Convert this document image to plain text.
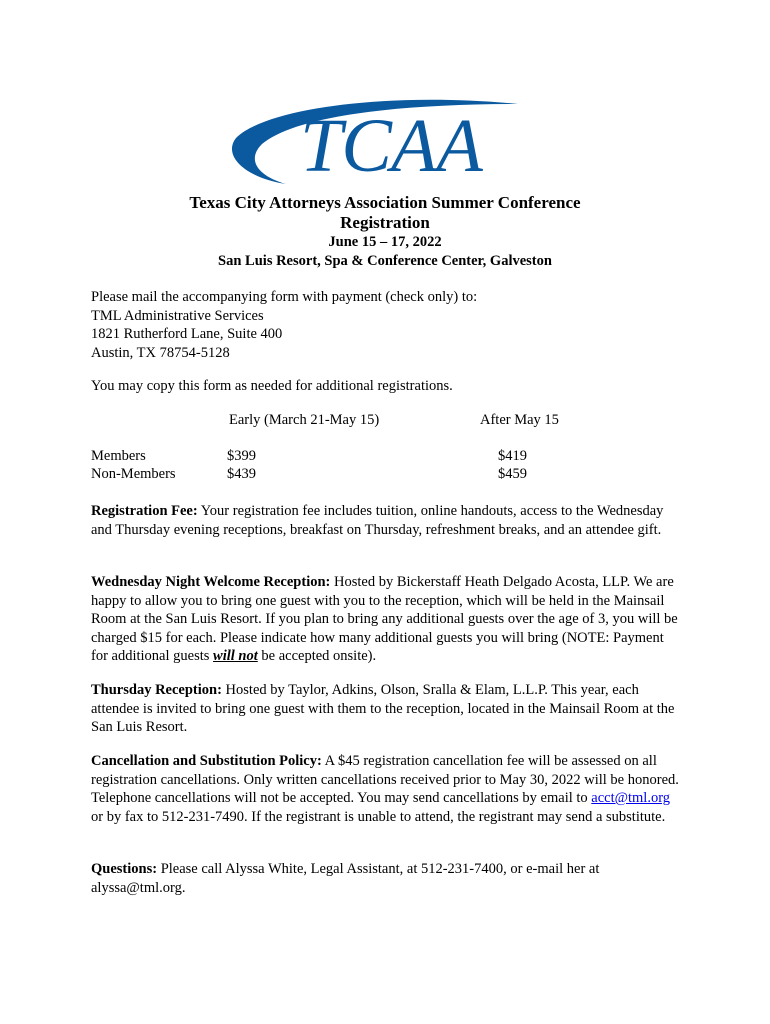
TCAA
Texas City Attorneys Association Summer Conference
Registration
June 15 – 17, 2022
San Luis Resort, Spa & Conference Center, Galveston
Please mail the accompanying form with payment (check only) to:
TML Administrative Services
1821 Rutherford Lane, Suite 400
Austin, TX 78754-5128
You may copy this form as needed for additional registrations.
Early (March 21-May 15)	After May 15
Members	$399	$419
Non-Members	$439	$459
Registration Fee: Your registration fee includes tuition, online handouts, access to the Wednesday and Thursday evening receptions, breakfast on Thursday, refreshment breaks, and an attendee gift.
Wednesday Night Welcome Reception: Hosted by Bickerstaff Heath Delgado Acosta, LLP. We are happy to allow you to bring one guest with you to the reception, which will be held in the Mainsail Room at the San Luis Resort. If you plan to bring any additional guests over the age of 3, you will be charged $15 for each. Please indicate how many additional guests you will bring (NOTE: Payment for additional guests will not be accepted onsite).
Thursday Reception: Hosted by Taylor, Adkins, Olson, Sralla & Elam, L.L.P. This year, each attendee is invited to bring one guest with them to the reception, located in the Mainsail Room at the San Luis Resort.
Cancellation and Substitution Policy: A $45 registration cancellation fee will be assessed on all registration cancellations. Only written cancellations received prior to May 30, 2022 will be honored. Telephone cancellations will not be accepted. You may send cancellations by email to acct@tml.org or by fax to 512-231-7490. If the registrant is unable to attend, the registrant may send a substitute.
Questions: Please call Alyssa White, Legal Assistant, at 512-231-7400, or e-mail her at alyssa@tml.org.
